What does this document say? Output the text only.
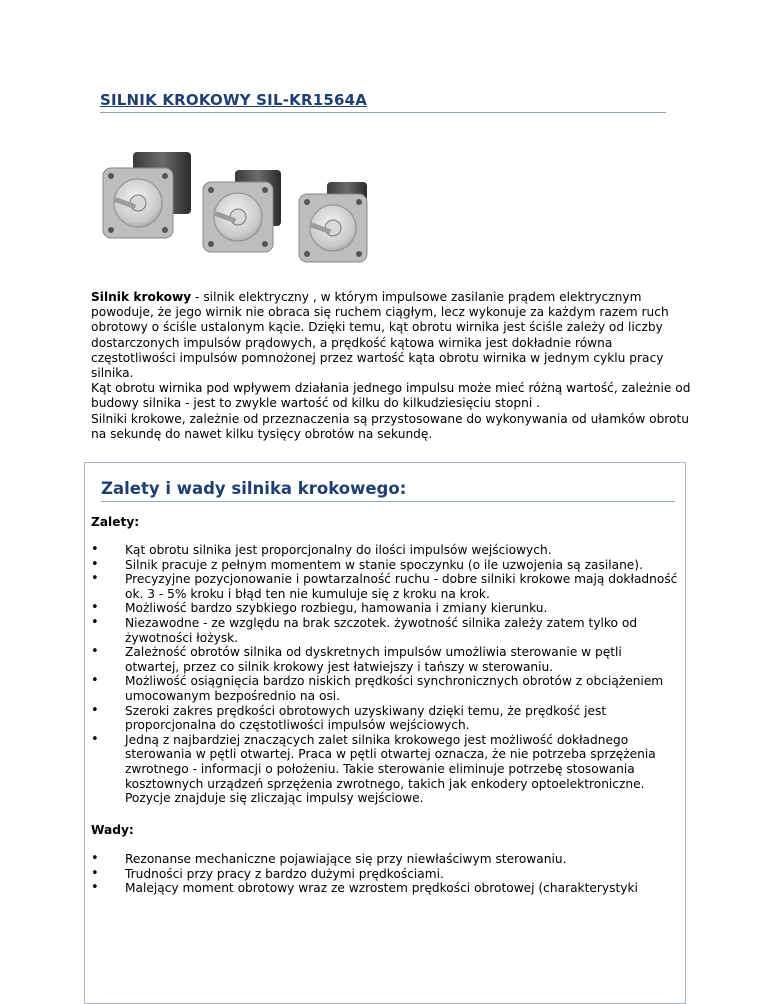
SILNIK KROKOWY SIL-KR1564A

Silnik krokowy - silnik elektryczny , w którym impulsowe zasilanie prądem elektrycznym powoduje, że jego wirnik nie obraca się ruchem ciągłym, lecz wykonuje za każdym razem ruch obrotowy o ściśle ustalonym kącie. Dzięki temu, kąt obrotu wirnika jest ściśle zależy od liczby dostarczonych impulsów prądowych, a prędkość kątowa wirnika jest dokładnie równa częstotliwości impulsów pomnożonej przez wartość kąta obrotu wirnika w jednym cyklu pracy silnika.

Kąt obrotu wirnika pod wpływem działania jednego impulsu może mieć różną wartość, zależnie od budowy silnika - jest to zwykle wartość od kilku do kilkudziesięciu stopni .

Silniki krokowe, zależnie od przeznaczenia są przystosowane do wykonywania od ułamków obrotu na sekundę do nawet kilku tysięcy obrotów na sekundę.

Zalety i wady silnika krokowego:
Zalety:
• Kąt obrotu silnika jest proporcjonalny do ilości impulsów wejściowych.
• Silnik pracuje z pełnym momentem w stanie spoczynku (o ile uzwojenia są zasilane).
• Precyzyjne pozycjonowanie i powtarzalność ruchu - dobre silniki krokowe mają dokładność ok. 3 - 5% kroku i błąd ten nie kumuluje się z kroku na krok.
• Możliwość bardzo szybkiego rozbiegu, hamowania i zmiany kierunku.
• Niezawodne - ze względu na brak szczotek. żywotność silnika zależy zatem tylko od żywotności łożysk.
• Zależność obrotów silnika od dyskretnych impulsów umożliwia sterowanie w pętli otwartej, przez co silnik krokowy jest łatwiejszy i tańszy w sterowaniu.
• Możliwość osiągnięcia bardzo niskich prędkości synchronicznych obrotów z obciążeniem umocowanym bezpośrednio na osi.
• Szeroki zakres prędkości obrotowych uzyskiwany dzięki temu, że prędkość jest proporcjonalna do częstotliwości impulsów wejściowych.
• Jedną z najbardziej znaczących zalet silnika krokowego jest możliwość dokładnego sterowania w pętli otwartej. Praca w pętli otwartej oznacza, że nie potrzeba sprzężenia zwrotnego - informacji o położeniu. Takie sterowanie eliminuje potrzebę stosowania kosztownych urządzeń sprzężenia zwrotnego, takich jak enkodery optoelektroniczne. Pozycje znajduje się zliczając impulsy wejściowe.
Wady:
• Rezonanse mechaniczne pojawiające się przy niewłaściwym sterowaniu.
• Trudności przy pracy z bardzo dużymi prędkościami.
• Malejący moment obrotowy wraz ze wzrostem prędkości obrotowej (charakterystyki
